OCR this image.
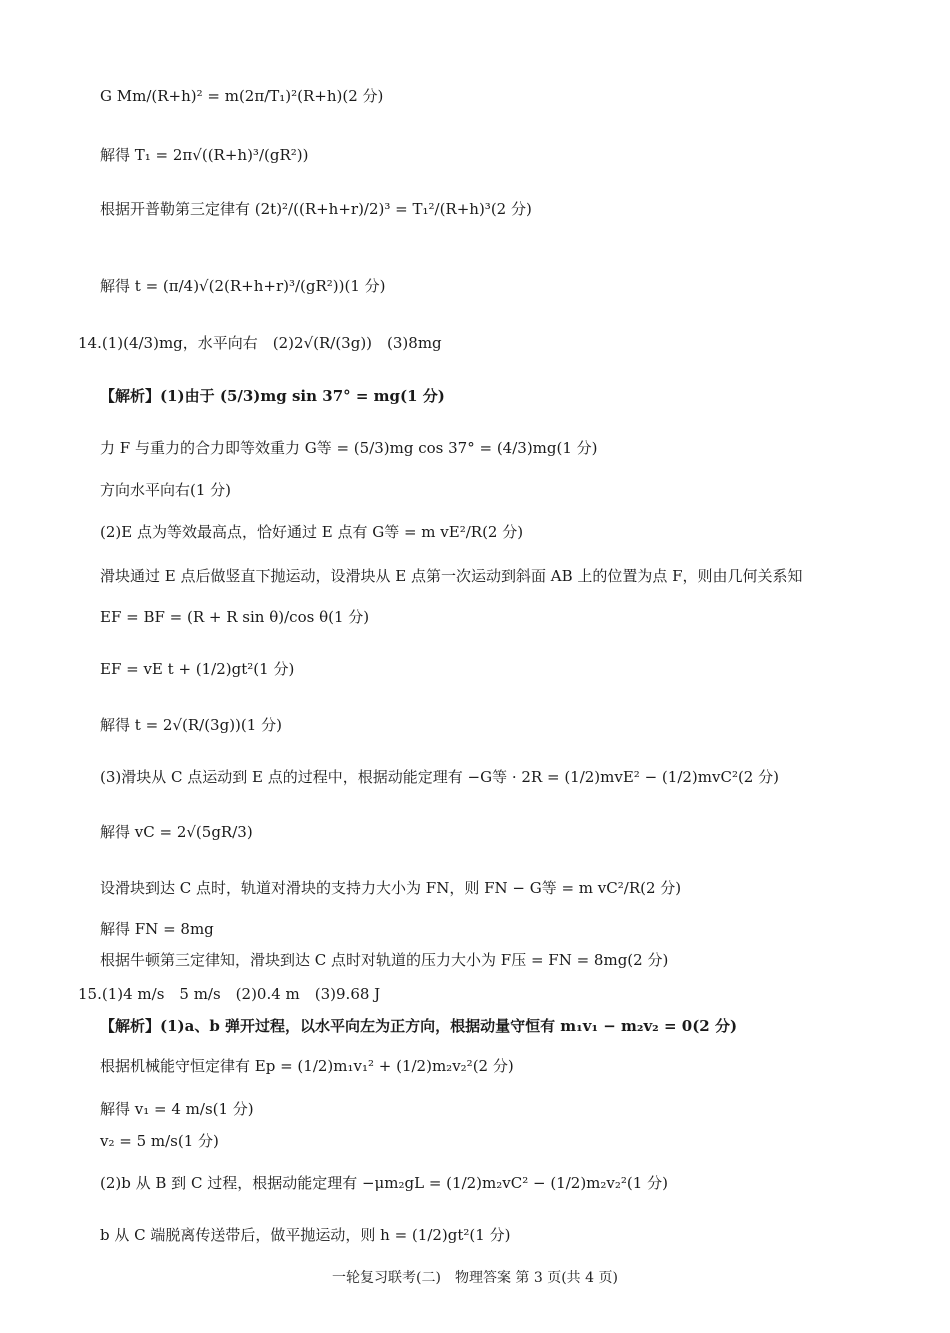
G Mm/(R+h)² = m(2π/T₁)²(R+h)(2 分)
解得 T₁ = 2π√((R+h)³/(gR²))
根据开普勒第三定律有 (2t)²/((R+h+r)/2)³ = T₁²/(R+h)³(2 分)
解得 t = (π/4)√(2(R+h+r)³/(gR²))(1 分)
14.(1)(4/3)mg，水平向右　(2)2√(R/(3g))　(3)8mg
【解析】(1)由于 (5/3)mg sin 37° = mg(1 分)
力 F 与重力的合力即等效重力 G等 = (5/3)mg cos 37° = (4/3)mg(1 分)
方向水平向右(1 分)
(2)E 点为等效最高点，恰好通过 E 点有 G等 = m vE²/R(2 分)
滑块通过 E 点后做竖直下抛运动，设滑块从 E 点第一次运动到斜面 AB 上的位置为点 F，则由几何关系知
EF = BF = (R + R sin θ)/cos θ(1 分)
EF = vE t + (1/2)gt²(1 分)
解得 t = 2√(R/(3g))(1 分)
(3)滑块从 C 点运动到 E 点的过程中，根据动能定理有 −G等 · 2R = (1/2)mvE² − (1/2)mvC²(2 分)
解得 vC = 2√(5gR/3)
设滑块到达 C 点时，轨道对滑块的支持力大小为 FN，则 FN − G等 = m vC²/R(2 分)
解得 FN = 8mg
根据牛顿第三定律知，滑块到达 C 点时对轨道的压力大小为 F压 = FN = 8mg(2 分)
15.(1)4 m/s　5 m/s　(2)0.4 m　(3)9.68 J
【解析】(1)a、b 弹开过程，以水平向左为正方向，根据动量守恒有 m₁v₁ − m₂v₂ = 0(2 分)
根据机械能守恒定律有 Ep = (1/2)m₁v₁² + (1/2)m₂v₂²(2 分)
解得 v₁ = 4 m/s(1 分)
v₂ = 5 m/s(1 分)
(2)b 从 B 到 C 过程，根据动能定理有 −μm₂gL = (1/2)m₂vC² − (1/2)m₂v₂²(1 分)
b 从 C 端脱离传送带后，做平抛运动，则 h = (1/2)gt²(1 分)
一轮复习联考(二)　物理答案 第 3 页(共 4 页)
